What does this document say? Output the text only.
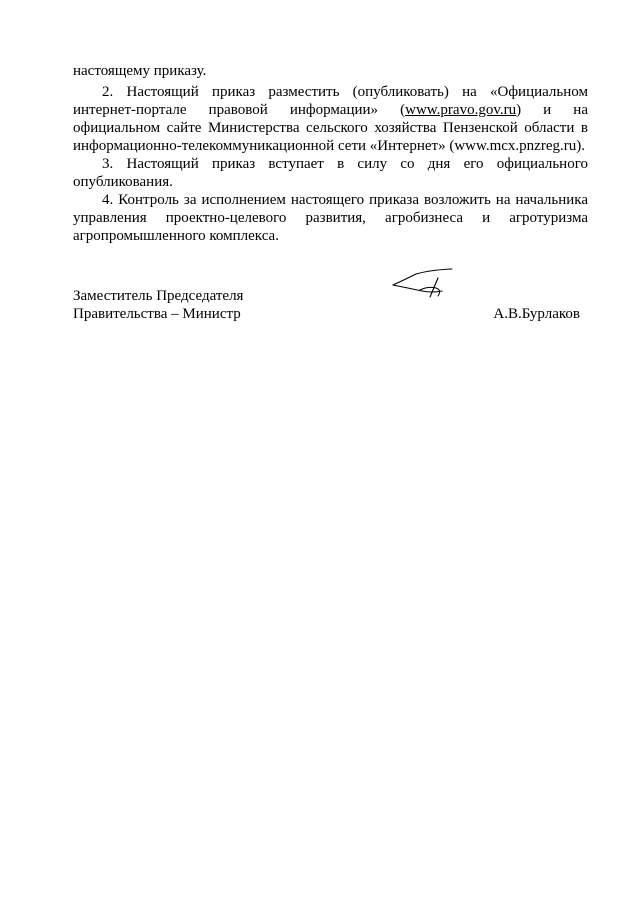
настоящему приказу.

2. Настоящий приказ разместить (опубликовать) на «Официальном
интернет-портале правовой информации» (www.pravo.gov.ru) и на
официальном сайте Министерства сельского хозяйства Пензенской области в
информационно-телекоммуникационной сети «Интернет» (www.mcx.pnzreg.ru).

3. Настоящий приказ вступает в силу со дня его официального
опубликования.

4. Контроль за исполнением настоящего приказа возложить на начальника
управления проектно-целевого развития, агробизнеса и агротуризма
агропромышленного комплекса.

Заместитель Председателя
Правительства – Министр	А.В.Бурлаков
